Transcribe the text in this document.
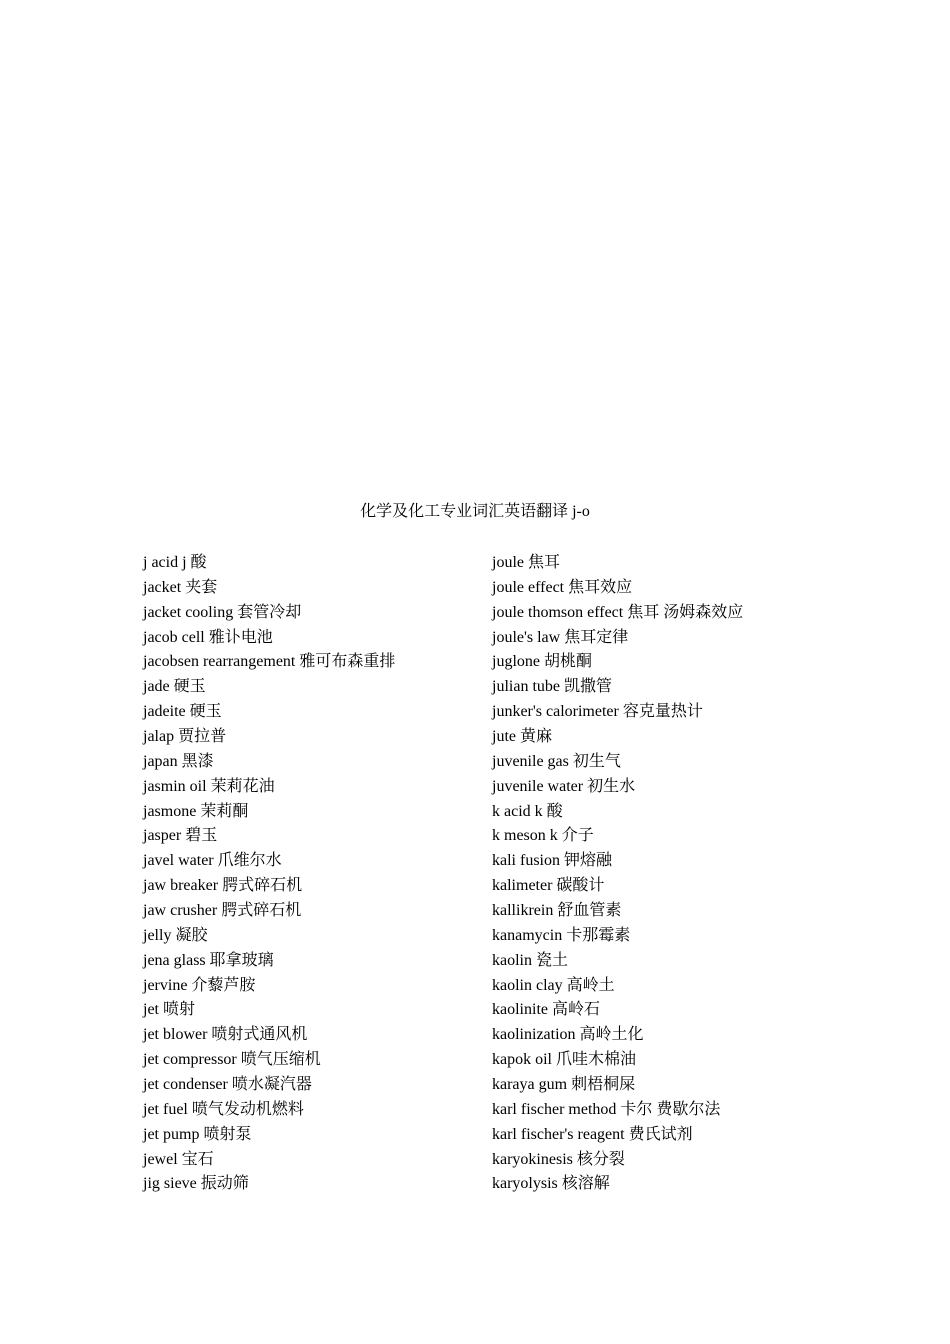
化学及化工专业词汇英语翻译 j-o
j acid j 酸
jacket 夹套
jacket cooling 套管冷却
jacob cell 雅讣电池
jacobsen rearrangement 雅可布森重排
jade 硬玉
jadeite 硬玉
jalap 贾拉普
japan 黑漆
jasmin oil 茉莉花油
jasmone 茉莉酮
jasper 碧玉
javel water 爪维尔水
jaw breaker 腭式碎石机
jaw crusher 腭式碎石机
jelly 凝胶
jena glass 耶拿玻璃
jervine 介藜芦胺
jet 喷射
jet blower 喷射式通风机
jet compressor 喷气压缩机
jet condenser 喷水凝汽器
jet fuel 喷气发动机燃料
jet pump 喷射泵
jewel 宝石
jig sieve 振动筛
joule 焦耳
joule effect 焦耳效应
joule thomson effect 焦耳 汤姆森效应
joule's law 焦耳定律
juglone 胡桃酮
julian tube 凯撒管
junker's calorimeter 容克量热计
jute 黄麻
juvenile gas 初生气
juvenile water 初生水
k acid k 酸
k meson k 介子
kali fusion 钾熔融
kalimeter 碳酸计
kallikrein 舒血管素
kanamycin 卡那霉素
kaolin 瓷土
kaolin clay 高岭土
kaolinite 高岭石
kaolinization 高岭土化
kapok oil 爪哇木棉油
karaya gum 刺梧桐屎
karl fischer method 卡尔 费歇尔法
karl fischer's reagent 费氏试剂
karyokinesis 核分裂
karyolysis 核溶解
